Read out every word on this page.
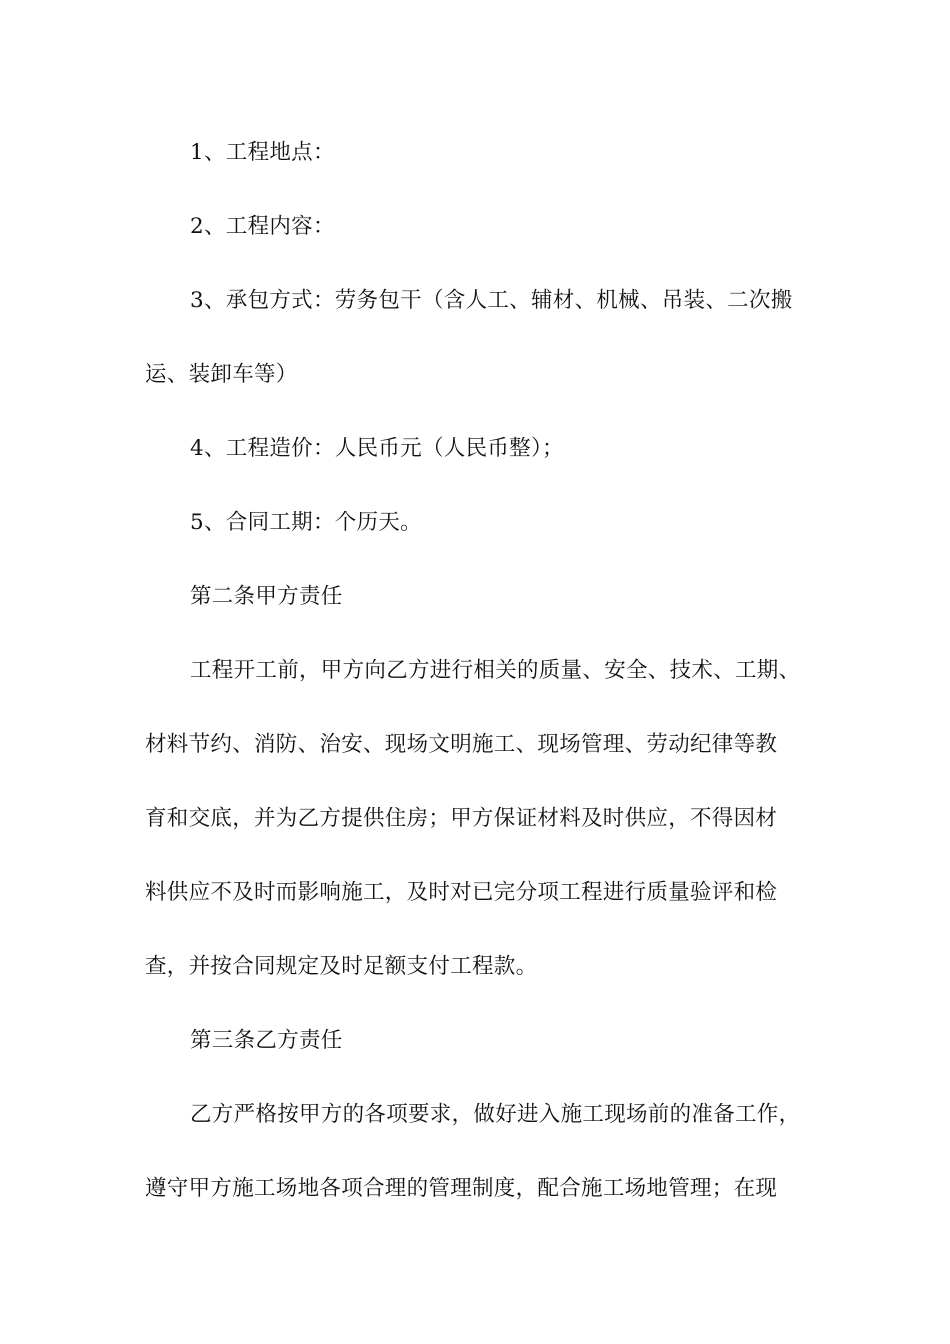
1、工程地点：

2、工程内容：

3、承包方式：劳务包干（含人工、辅材、机械、吊装、二次搬

运、装卸车等）

4、工程造价：人民币元（人民币整）；

5、合同工期：个历天。

第二条甲方责任

工程开工前，甲方向乙方进行相关的质量、安全、技术、工期、

材料节约、消防、治安、现场文明施工、现场管理、劳动纪律等教

育和交底，并为乙方提供住房；甲方保证材料及时供应，不得因材

料供应不及时而影响施工，及时对已完分项工程进行质量验评和检

查，并按合同规定及时足额支付工程款。

第三条乙方责任

乙方严格按甲方的各项要求，做好进入施工现场前的准备工作，

遵守甲方施工场地各项合理的管理制度，配合施工场地管理；在现
